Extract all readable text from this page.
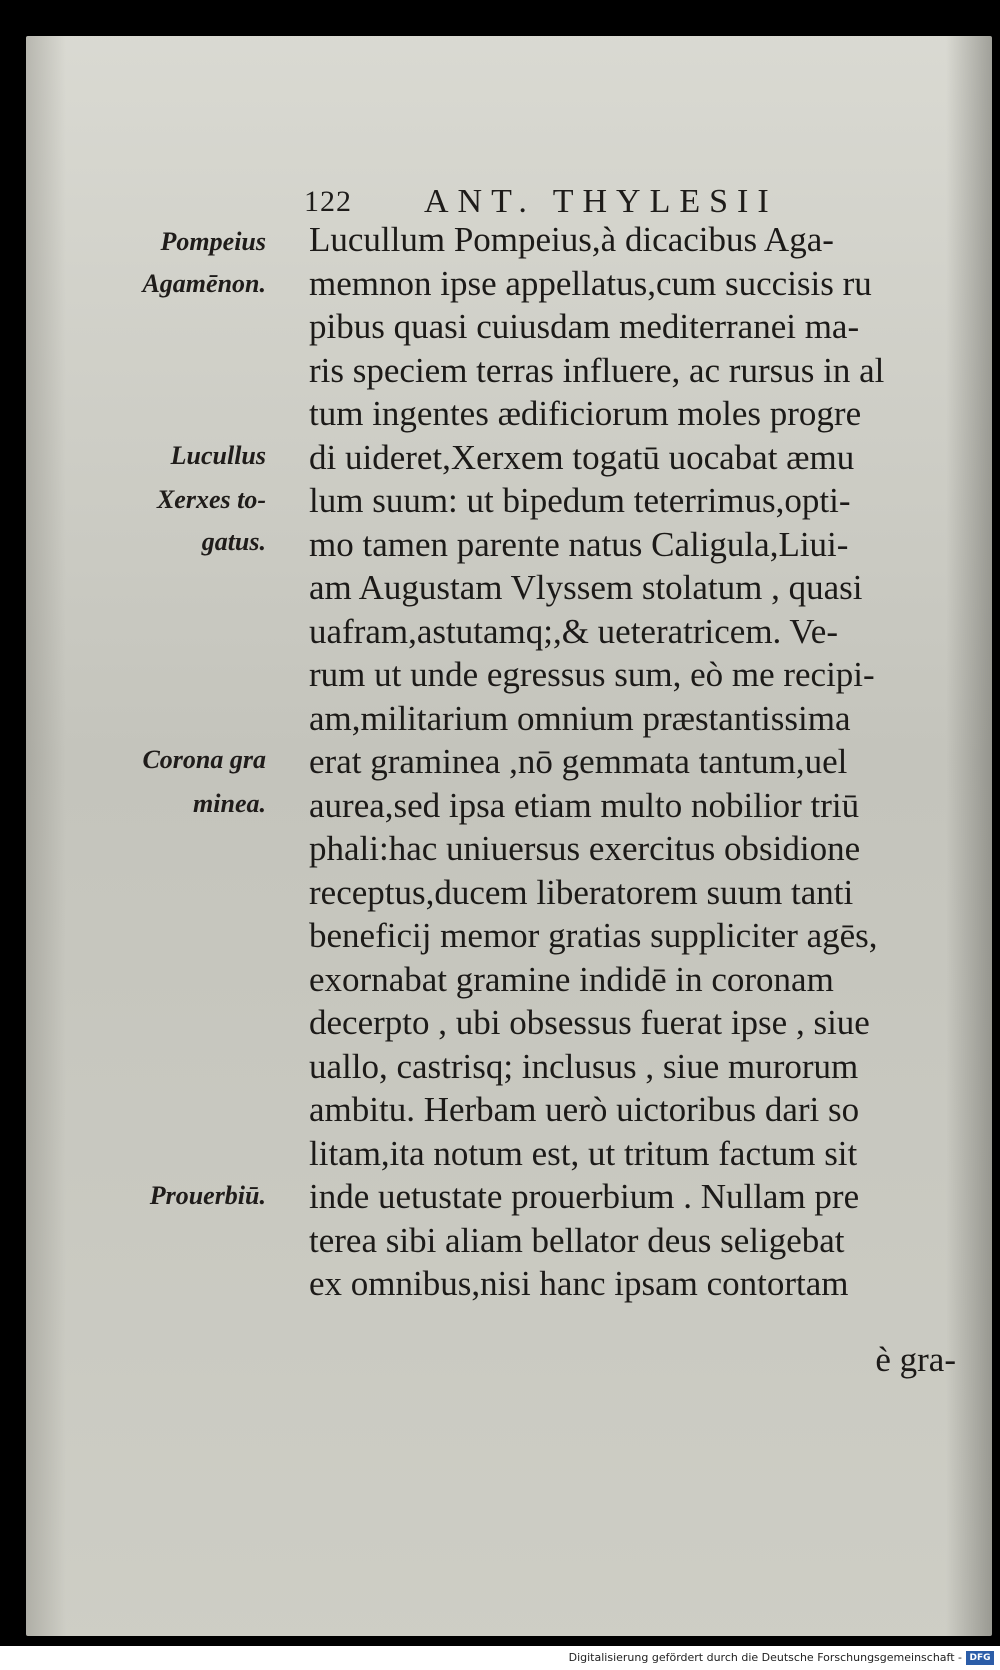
122 ANT. THYLESII
Pompeius
Agamēnon.
Lucullus
Xerxes to-
gatus.
Corona gra
minea.
Prouerbiū.
Lucullum Pompeius,à dicacibus Aga-
memnon ipse appellatus,cum succisis ru
pibus quasi cuiusdam mediterranei ma-
ris speciem terras influere, ac rursus in al
tum ingentes ædificiorum moles progre
di uideret,Xerxem togatū uocabat æmu
lum suum: ut bipedum teterrimus,opti-
mo tamen parente natus Caligula,Liui-
am Augustam Vlyssem stolatum , quasi
uafram,astutamq;,& ueteratricem. Ve-
rum ut unde egressus sum, eò me recipi-
am,militarium omnium præstantissima
erat graminea ,nō gemmata tantum,uel
aurea,sed ipsa etiam multo nobilior triū
phali:hac uniuersus exercitus obsidione
receptus,ducem liberatorem suum tanti
beneficij memor gratias suppliciter agēs,
exornabat gramine indidē in coronam
decerpto , ubi obsessus fuerat ipse , siue
uallo, castrisq; inclusus , siue murorum
ambitu. Herbam uerò uictoribus dari so
litam,ita notum est, ut tritum factum sit
inde uetustate prouerbium . Nullam pre
terea sibi aliam bellator deus seligebat
ex omnibus,nisi hanc ipsam contortam
è gra-
Digitalisierung gefördert durch die Deutsche Forschungsgemeinschaft - DFG
